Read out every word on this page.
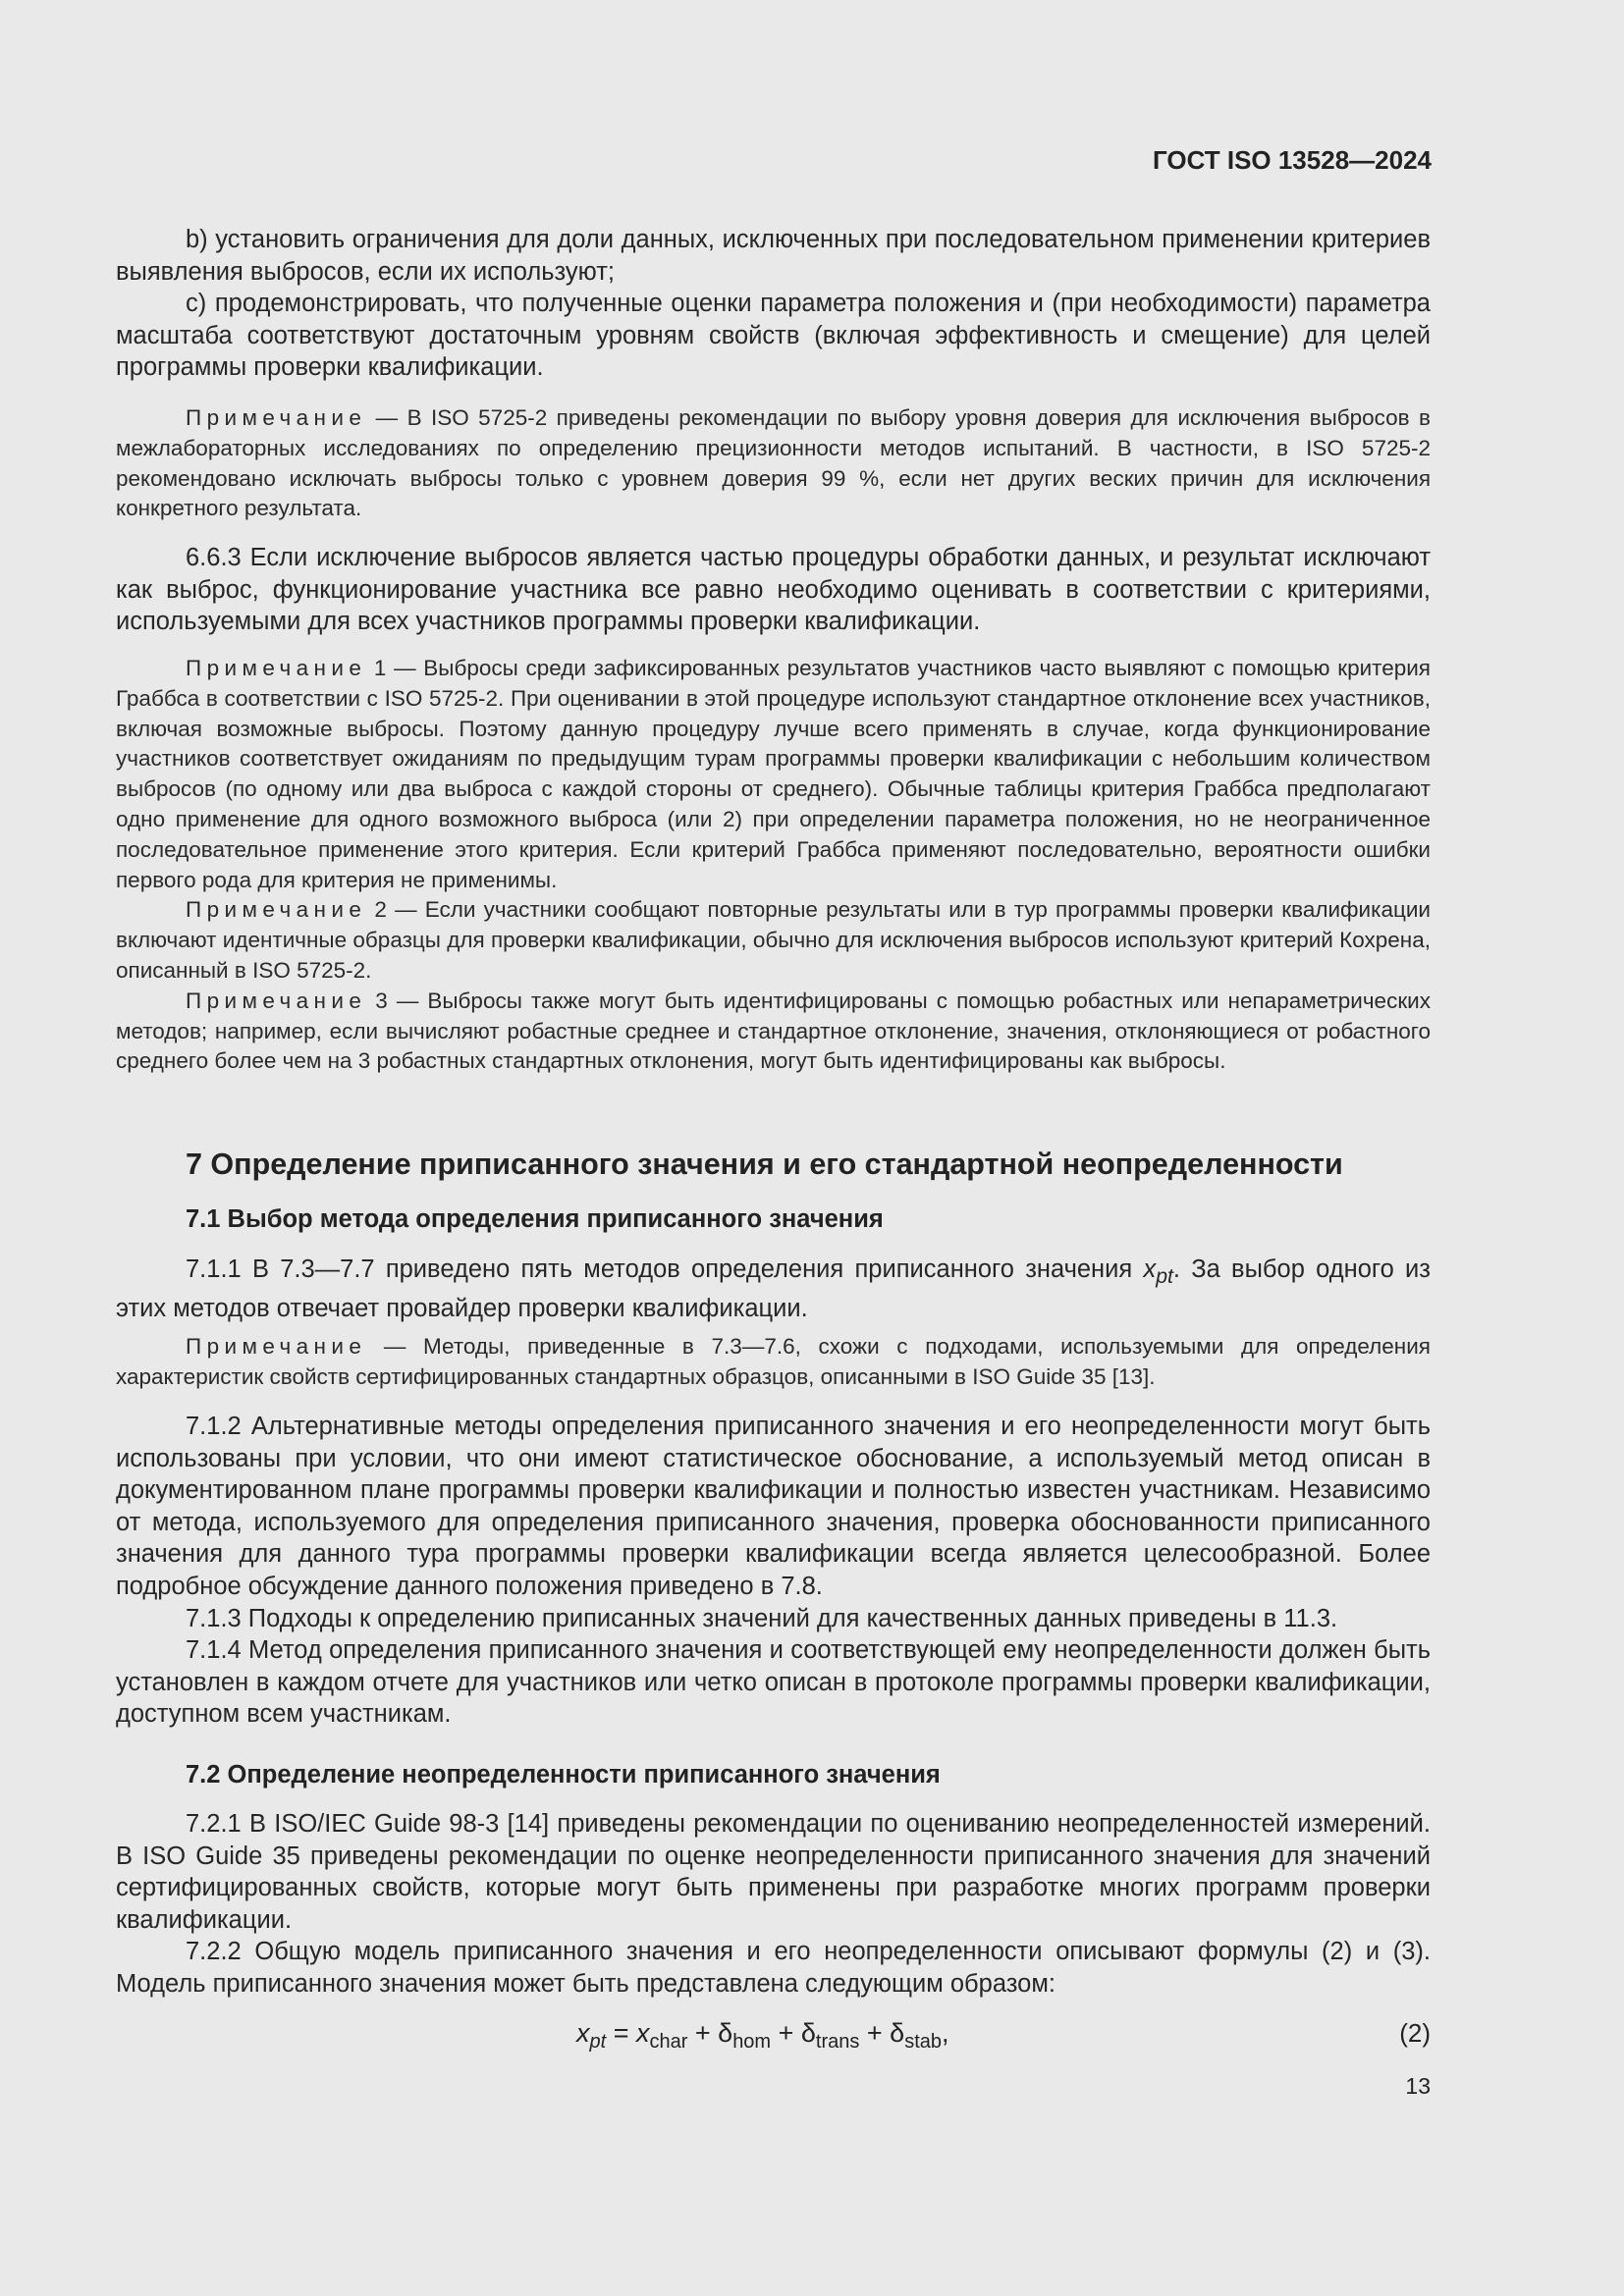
ГОСТ ISO 13528—2024

b) установить ограничения для доли данных, исключенных при последовательном применении критериев выявления выбросов, если их используют;

c) продемонстрировать, что полученные оценки параметра положения и (при необходимости) параметра масштаба соответствуют достаточным уровням свойств (включая эффективность и смещение) для целей программы проверки квалификации.

Примечание — В ISO 5725-2 приведены рекомендации по выбору уровня доверия для исключения выбросов в межлабораторных исследованиях по определению прецизионности методов испытаний. В частности, в ISO 5725-2 рекомендовано исключать выбросы только с уровнем доверия 99 %, если нет других веских причин для исключения конкретного результата.

6.6.3 Если исключение выбросов является частью процедуры обработки данных, и результат исключают как выброс, функционирование участника все равно необходимо оценивать в соответствии с критериями, используемыми для всех участников программы проверки квалификации.

Примечание 1 — Выбросы среди зафиксированных результатов участников часто выявляют с помощью критерия Граббса в соответствии с ISO 5725-2. При оценивании в этой процедуре используют стандартное отклонение всех участников, включая возможные выбросы. Поэтому данную процедуру лучше всего применять в случае, когда функционирование участников соответствует ожиданиям по предыдущим турам программы проверки квалификации с небольшим количеством выбросов (по одному или два выброса с каждой стороны от среднего). Обычные таблицы критерия Граббса предполагают одно применение для одного возможного выброса (или 2) при определении параметра положения, но не неограниченное последовательное применение этого критерия. Если критерий Граббса применяют последовательно, вероятности ошибки первого рода для критерия не применимы.

Примечание 2 — Если участники сообщают повторные результаты или в тур программы проверки квалификации включают идентичные образцы для проверки квалификации, обычно для исключения выбросов используют критерий Кохрена, описанный в ISO 5725-2.

Примечание 3 — Выбросы также могут быть идентифицированы с помощью робастных или непараметрических методов; например, если вычисляют робастные среднее и стандартное отклонение, значения, отклоняющиеся от робастного среднего более чем на 3 робастных стандартных отклонения, могут быть идентифицированы как выбросы.

7 Определение приписанного значения и его стандартной неопределенности
7.1 Выбор метода определения приписанного значения

7.1.1 В 7.3—7.7 приведено пять методов определения приписанного значения $x_{pt}$. За выбор одного из этих методов отвечает провайдер проверки квалификации.

Примечание — Методы, приведенные в 7.3—7.6, схожи с подходами, используемыми для определения характеристик свойств сертифицированных стандартных образцов, описанными в ISO Guide 35 [13].

7.1.2 Альтернативные методы определения приписанного значения и его неопределенности могут быть использованы при условии, что они имеют статистическое обоснование, а используемый метод описан в документированном плане программы проверки квалификации и полностью известен участникам. Независимо от метода, используемого для определения приписанного значения, проверка обоснованности приписанного значения для данного тура программы проверки квалификации всегда является целесообразной. Более подробное обсуждение данного положения приведено в 7.8.

7.1.3 Подходы к определению приписанных значений для качественных данных приведены в 11.3.

7.1.4 Метод определения приписанного значения и соответствующей ему неопределенности должен быть установлен в каждом отчете для участников или четко описан в протоколе программы проверки квалификации, доступном всем участникам.

7.2 Определение неопределенности приписанного значения

7.2.1 В ISO/IEC Guide 98-3 [14] приведены рекомендации по оцениванию неопределенностей измерений. В ISO Guide 35 приведены рекомендации по оценке неопределенности приписанного значения для значений сертифицированных свойств, которые могут быть применены при разработке многих программ проверки квалификации.

7.2.2 Общую модель приписанного значения и его неопределенности описывают формулы (2) и (3). Модель приписанного значения может быть представлена следующим образом:

$x_{pt} = x_{char} + \delta_{hom} + \delta_{trans} + \delta_{stab}$,	(2)
13
